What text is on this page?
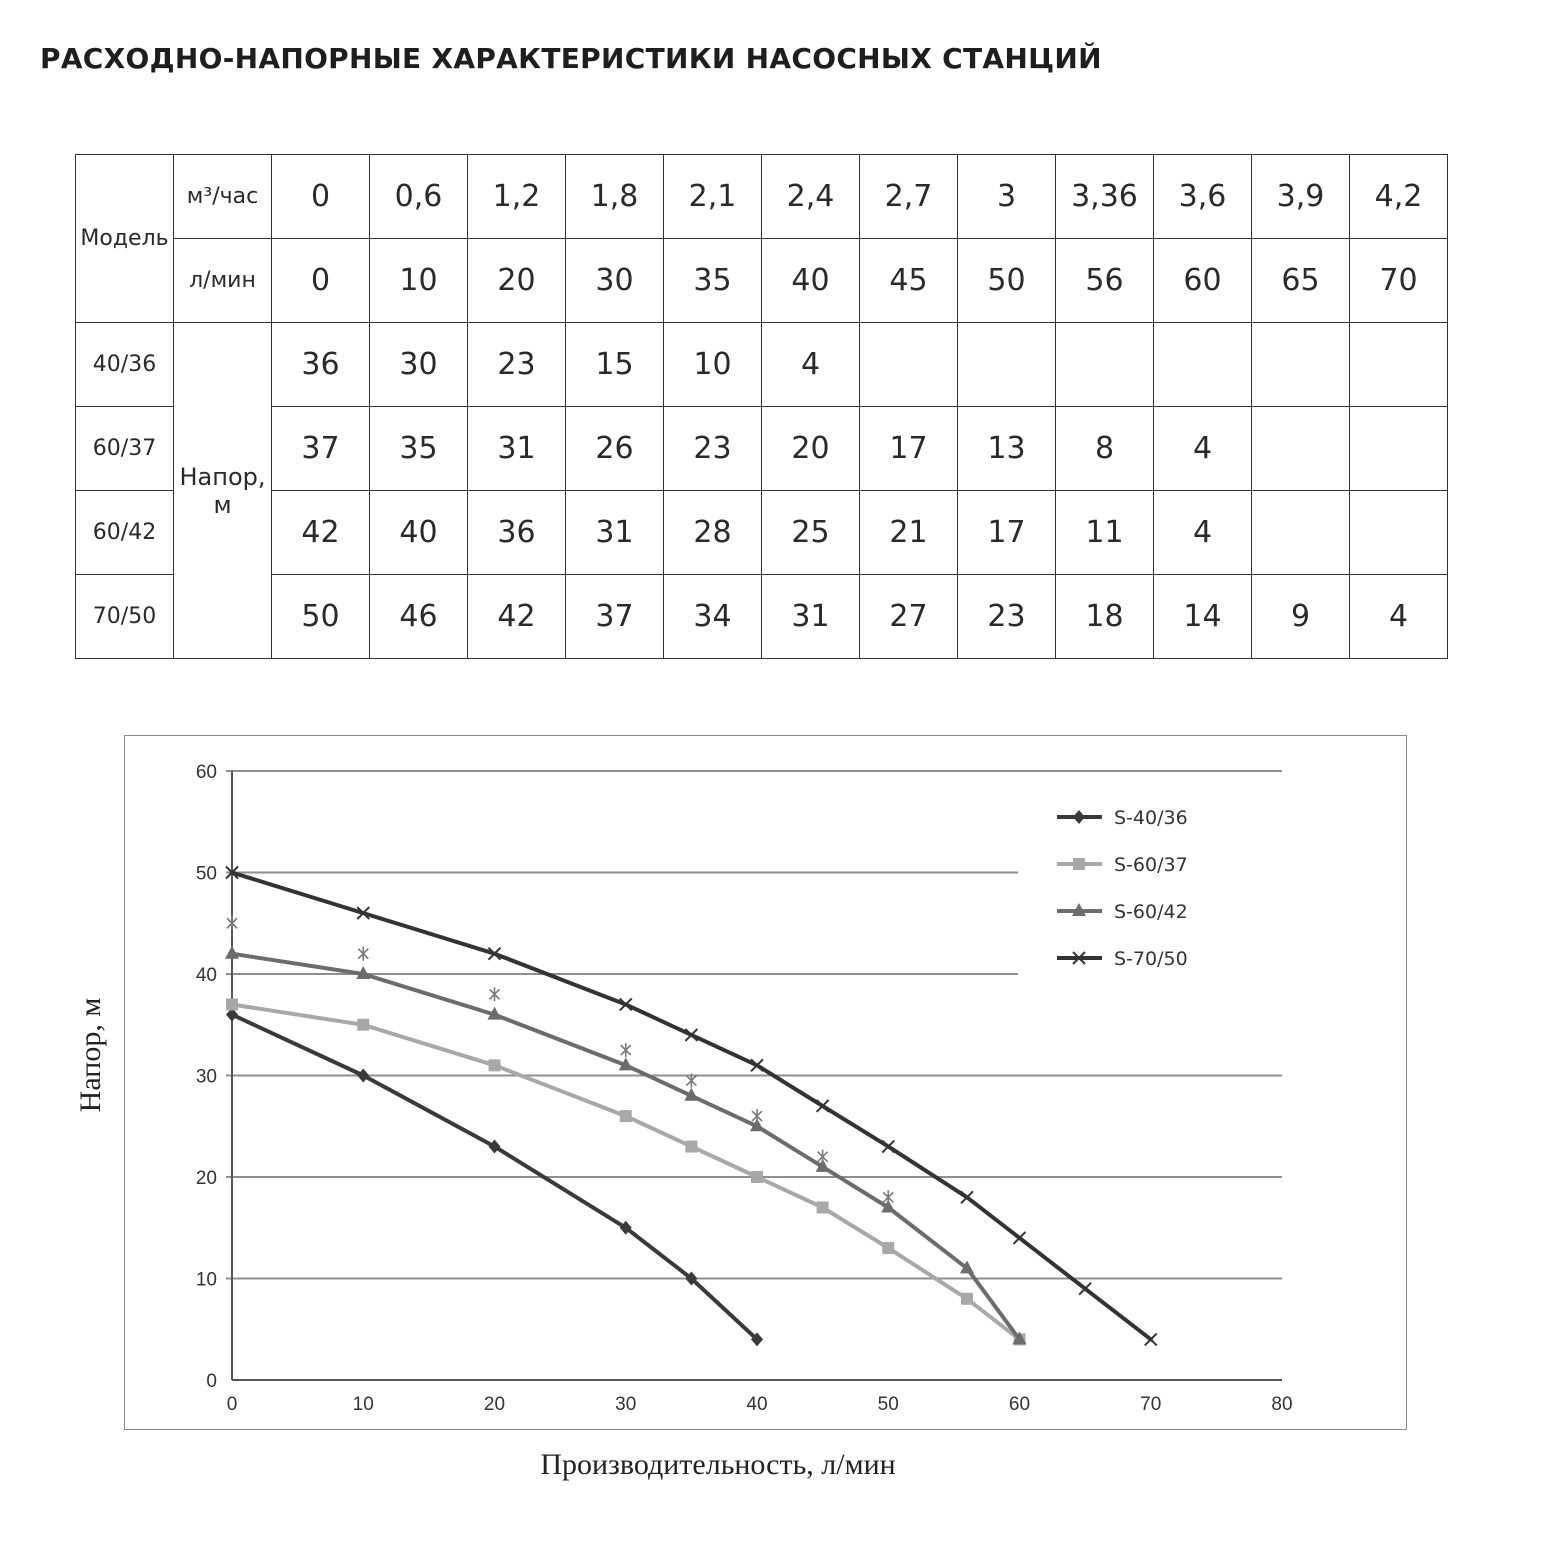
РАСХОДНО-НАПОРНЫЕ ХАРАКТЕРИСТИКИ НАСОСНЫХ СТАНЦИЙ
Модель	м³/час	0	0,6	1,2	1,8	2,1	2,4	2,7	3	3,36	3,6	3,9	4,2
	л/мин	0	10	20	30	35	40	45	50	56	60	65	70
40/36	Напор, м	36	30	23	15	10	4						
60/37		37	35	31	26	23	20	17	13	8	4		
60/42		42	40	36	31	28	25	21	17	11	4		
70/50		50	46	42	37	34	31	27	23	18	14	9	4
0
10
20
30
40
50
60
0	10	20	30	40	50	60	70	80
Производительность, л/мин
Напор, м
S-40/36
S-60/37
S-60/42
S-70/50
